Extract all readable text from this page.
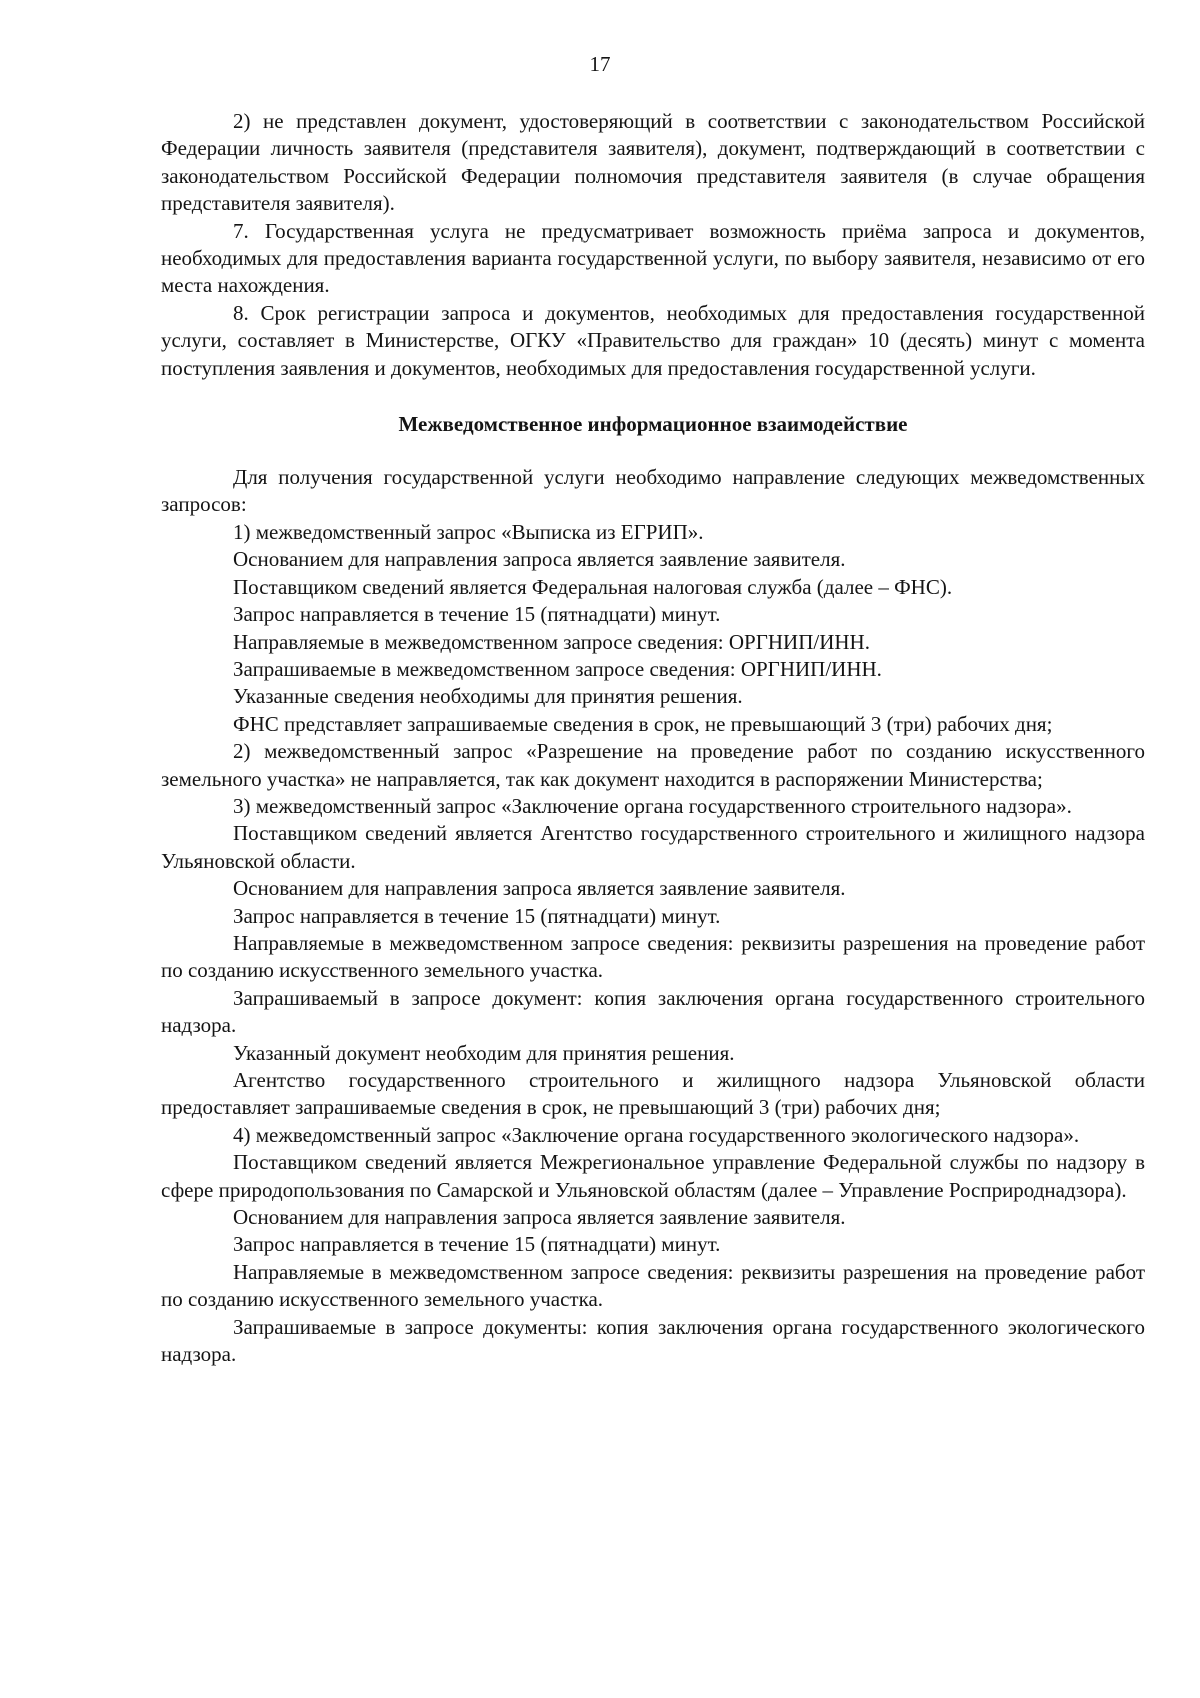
17

2) не представлен документ, удостоверяющий в соответствии с законодательством Российской Федерации личность заявителя (представителя заявителя), документ, подтверждающий в соответствии с законодательством Российской Федерации полномочия представителя заявителя (в случае обращения представителя заявителя).

7. Государственная услуга не предусматривает возможность приёма запроса и документов, необходимых для предоставления варианта государственной услуги, по выбору заявителя, независимо от его места нахождения.

8. Срок регистрации запроса и документов, необходимых для предоставления государственной услуги, составляет в Министерстве, ОГКУ «Правительство для граждан» 10 (десять) минут с момента поступления заявления и документов, необходимых для предоставления государственной услуги.

Межведомственное информационное взаимодействие

Для получения государственной услуги необходимо направление следующих межведомственных запросов:

1) межведомственный запрос «Выписка из ЕГРИП».

Основанием для направления запроса является заявление заявителя.

Поставщиком сведений является Федеральная налоговая служба (далее – ФНС).

Запрос направляется в течение 15 (пятнадцати) минут.

Направляемые в межведомственном запросе сведения: ОРГНИП/ИНН.

Запрашиваемые в межведомственном запросе сведения: ОРГНИП/ИНН.

Указанные сведения необходимы для принятия решения.

ФНС представляет запрашиваемые сведения в срок, не превышающий 3 (три) рабочих дня;

2) межведомственный запрос «Разрешение на проведение работ по созданию искусственного земельного участка» не направляется, так как документ находится в распоряжении Министерства;

3) межведомственный запрос «Заключение органа государственного строительного надзора».

Поставщиком сведений является Агентство государственного строительного и жилищного надзора Ульяновской области.

Основанием для направления запроса является заявление заявителя.

Запрос направляется в течение 15 (пятнадцати) минут.

Направляемые в межведомственном запросе сведения: реквизиты разрешения на проведение работ по созданию искусственного земельного участка.

Запрашиваемый в запросе документ: копия заключения органа государственного строительного надзора.

Указанный документ необходим для принятия решения.

Агентство государственного строительного и жилищного надзора Ульяновской области предоставляет запрашиваемые сведения в срок, не превышающий 3 (три) рабочих дня;

4) межведомственный запрос «Заключение органа государственного экологического надзора».

Поставщиком сведений является Межрегиональное управление Федеральной службы по надзору в сфере природопользования по Самарской и Ульяновской областям (далее – Управление Росприроднадзора).

Основанием для направления запроса является заявление заявителя.

Запрос направляется в течение 15 (пятнадцати) минут.

Направляемые в межведомственном запросе сведения: реквизиты разрешения на проведение работ по созданию искусственного земельного участка.

Запрашиваемые в запросе документы: копия заключения органа государственного экологического надзора.
